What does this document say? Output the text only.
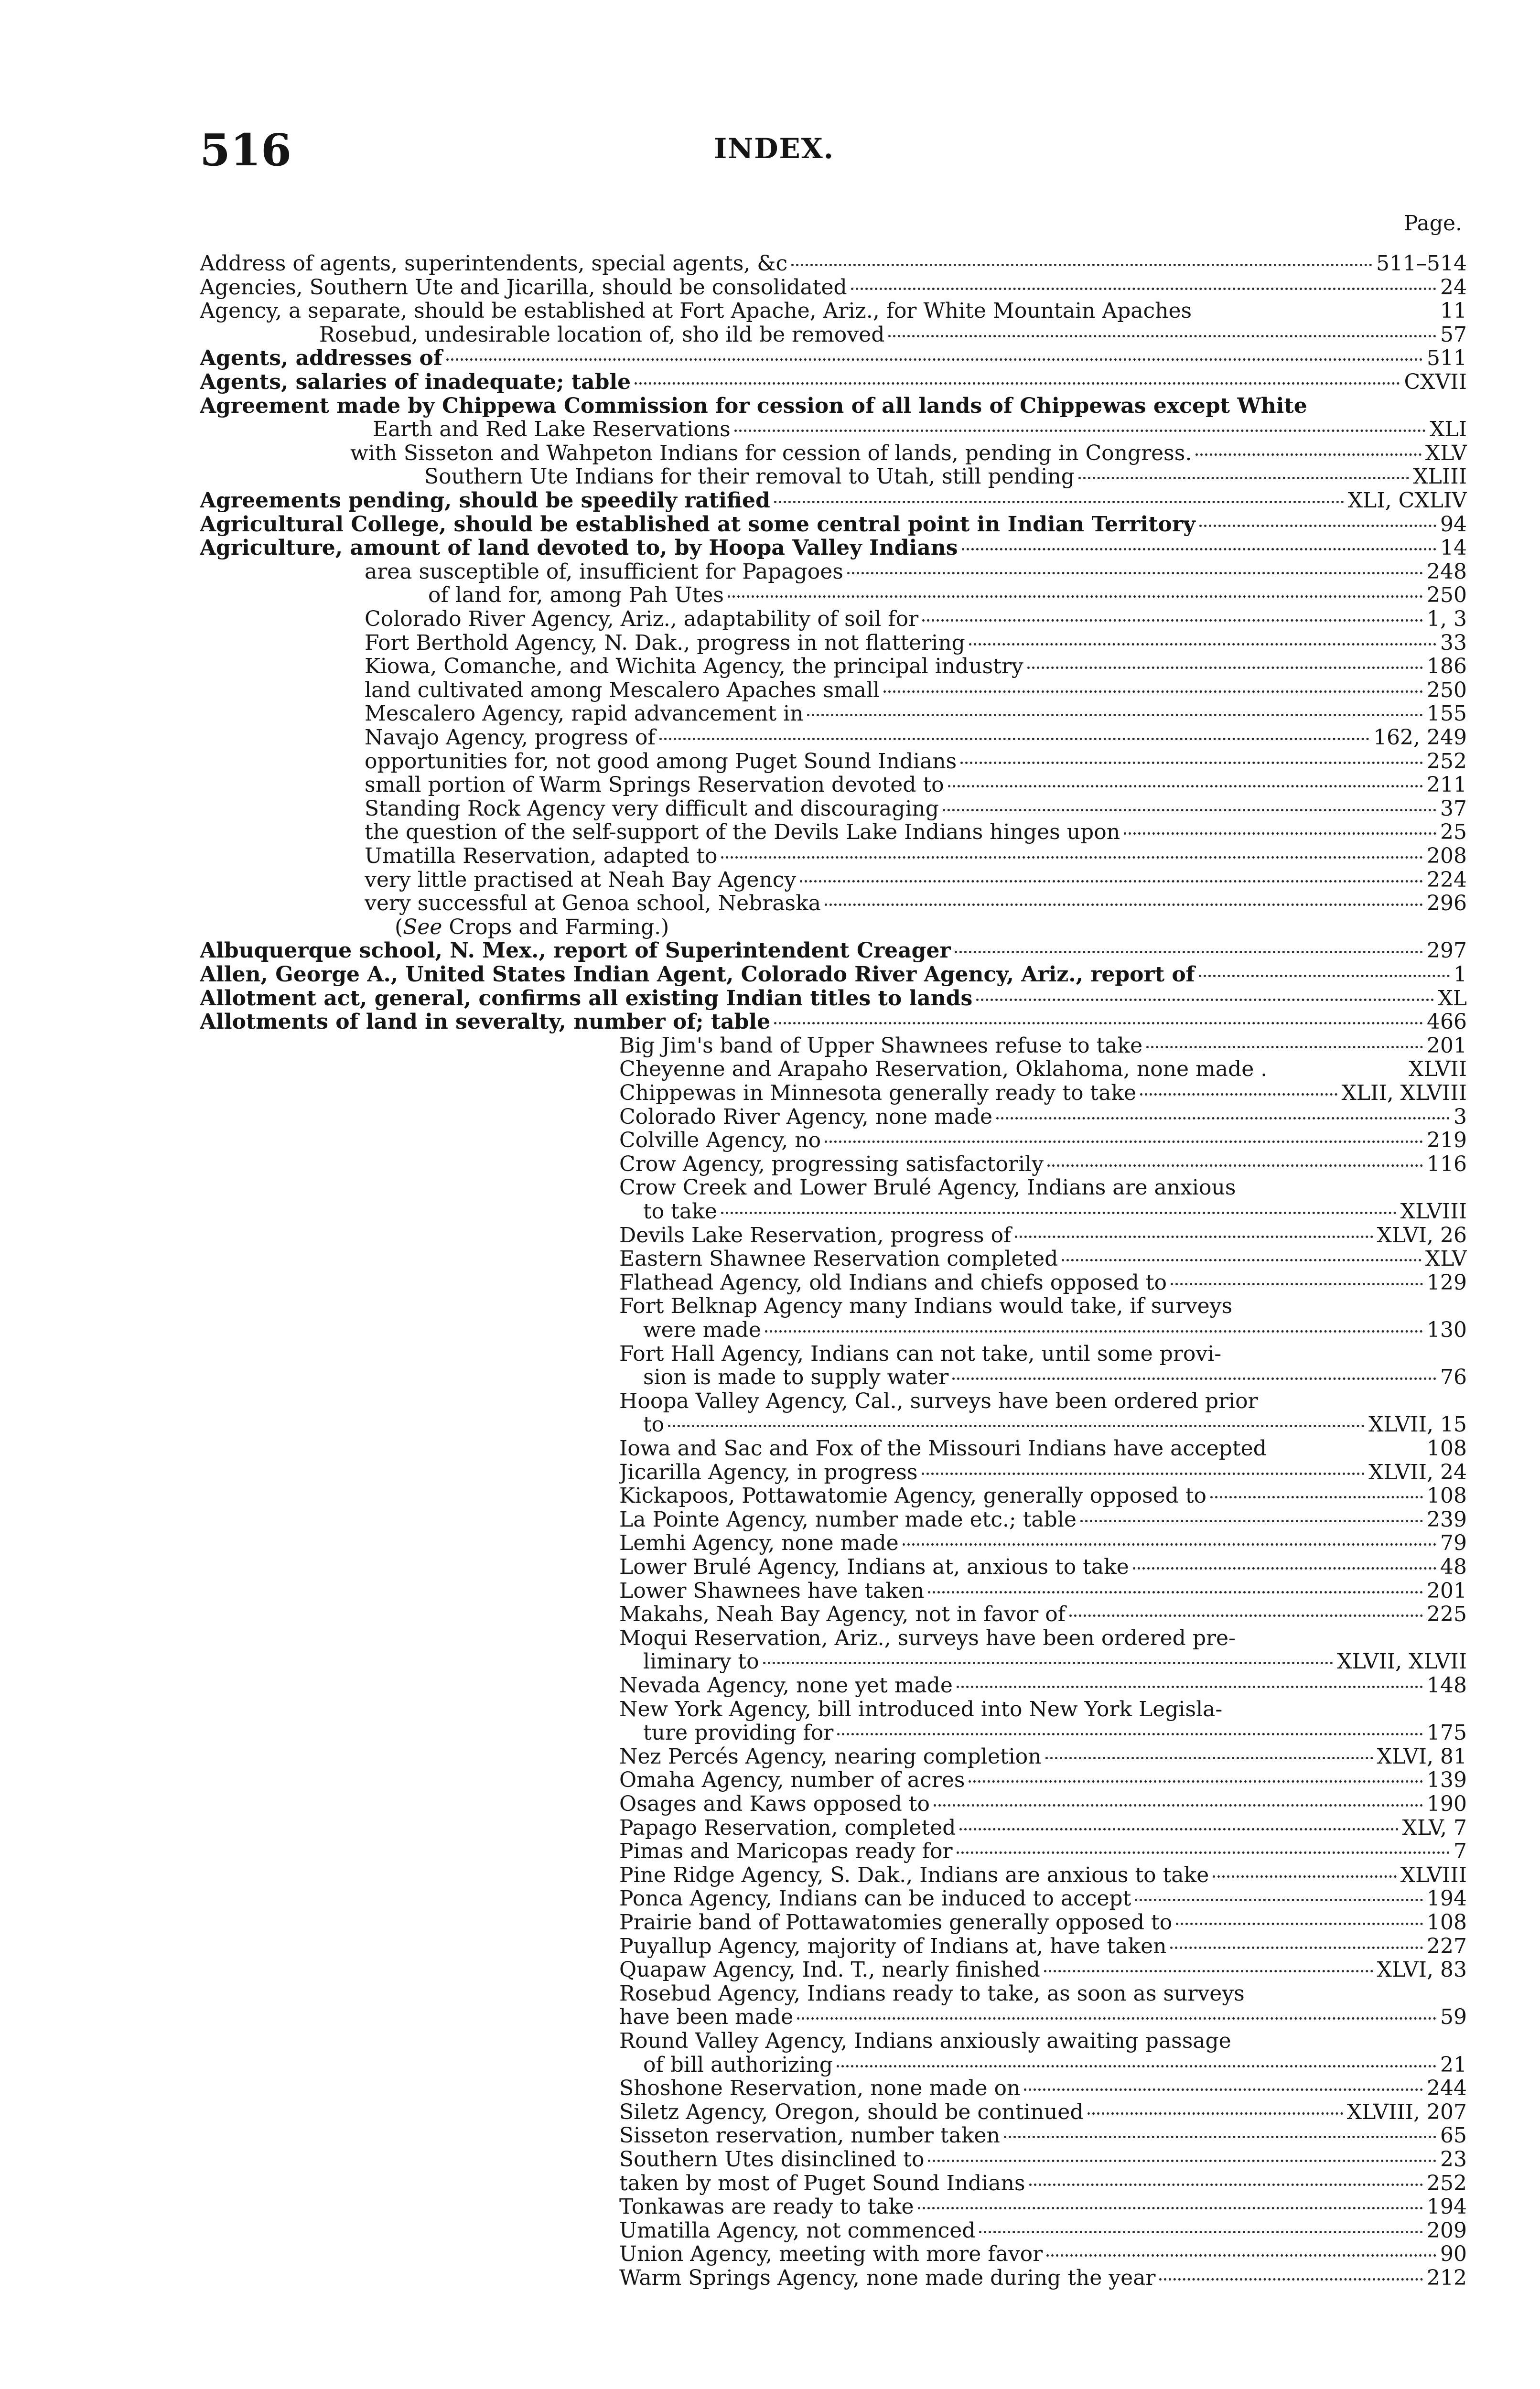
516	INDEX.
Page.
Address of agents, superintendents, special agents, &c	511–514
Agencies, Southern Ute and Jicarilla, should be consolidated	24
Agency, a separate, should be established at Fort Apache, Ariz., for White Mountain Apaches	11
Rosebud, undesirable location of, sho ild be removed	57
Agents, addresses of	511
Agents, salaries of inadequate; table	CXVII
Agreement made by Chippewa Commission for cession of all lands of Chippewas except White
Earth and Red Lake Reservations	XLI
with Sisseton and Wahpeton Indians for cession of lands, pending in Congress.	XLV
Southern Ute Indians for their removal to Utah, still pending	XLIII
Agreements pending, should be speedily ratified	XLI, CXLIV
Agricultural College, should be established at some central point in Indian Territory	94
Agriculture, amount of land devoted to, by Hoopa Valley Indians	14
area susceptible of, insufficient for Papagoes	248
of land for, among Pah Utes	250
Colorado River Agency, Ariz., adaptability of soil for	1, 3
Fort Berthold Agency, N. Dak., progress in not flattering	33
Kiowa, Comanche, and Wichita Agency, the principal industry	186
land cultivated among Mescalero Apaches small	250
Mescalero Agency, rapid advancement in	155
Navajo Agency, progress of	162, 249
opportunities for, not good among Puget Sound Indians	252
small portion of Warm Springs Reservation devoted to	211
Standing Rock Agency very difficult and discouraging	37
the question of the self-support of the Devils Lake Indians hinges upon	25
Umatilla Reservation, adapted to	208
very little practised at Neah Bay Agency	224
very successful at Genoa school, Nebraska	296
(See Crops and Farming.)
Albuquerque school, N. Mex., report of Superintendent Creager	297
Allen, George A., United States Indian Agent, Colorado River Agency, Ariz., report of	1
Allotment act, general, confirms all existing Indian titles to lands	XL
Allotments of land in severalty, number of; table	466
Big Jim's band of Upper Shawnees refuse to take	201
Cheyenne and Arapaho Reservation, Oklahoma, none made .	XLVII
Chippewas in Minnesota generally ready to take	XLII, XLVIII
Colorado River Agency, none made	3
Colville Agency, no	219
Crow Agency, progressing satisfactorily	116
Crow Creek and Lower Brulé Agency, Indians are anxious
to take	XLVIII
Devils Lake Reservation, progress of	XLVI, 26
Eastern Shawnee Reservation completed	XLV
Flathead Agency, old Indians and chiefs opposed to	129
Fort Belknap Agency many Indians would take, if surveys
were made	130
Fort Hall Agency, Indians can not take, until some provi-
sion is made to supply water	76
Hoopa Valley Agency, Cal., surveys have been ordered prior
to	XLVII, 15
Iowa and Sac and Fox of the Missouri Indians have accepted	108
Jicarilla Agency, in progress	XLVII, 24
Kickapoos, Pottawatomie Agency, generally opposed to	108
La Pointe Agency, number made etc.; table	239
Lemhi Agency, none made	79
Lower Brulé Agency, Indians at, anxious to take	48
Lower Shawnees have taken	201
Makahs, Neah Bay Agency, not in favor of	225
Moqui Reservation, Ariz., surveys have been ordered pre-
liminary to	XLVII, XLVII
Nevada Agency, none yet made	148
New York Agency, bill introduced into New York Legisla-
ture providing for	175
Nez Percés Agency, nearing completion	XLVI, 81
Omaha Agency, number of acres	139
Osages and Kaws opposed to	190
Papago Reservation, completed	XLV, 7
Pimas and Maricopas ready for	7
Pine Ridge Agency, S. Dak., Indians are anxious to take	XLVIII
Ponca Agency, Indians can be induced to accept	194
Prairie band of Pottawatomies generally opposed to	108
Puyallup Agency, majority of Indians at, have taken	227
Quapaw Agency, Ind. T., nearly finished	XLVI, 83
Rosebud Agency, Indians ready to take, as soon as surveys
have been made	59
Round Valley Agency, Indians anxiously awaiting passage
of bill authorizing	21
Shoshone Reservation, none made on	244
Siletz Agency, Oregon, should be continued	XLVIII, 207
Sisseton reservation, number taken	65
Southern Utes disinclined to	23
taken by most of Puget Sound Indians	252
Tonkawas are ready to take	194
Umatilla Agency, not commenced	209
Union Agency, meeting with more favor	90
Warm Springs Agency, none made during the year	212
